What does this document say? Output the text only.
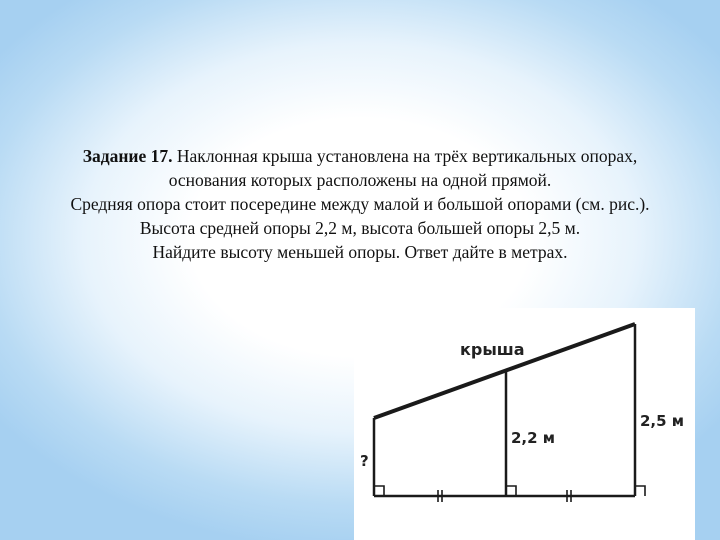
Задание 17. Наклонная крыша установлена на трёх вертикальных опорах,
основания которых расположены на одной прямой.
Средняя опора стоит посередине между малой и большой опорами (см. рис.).
Высота средней опоры 2,2 м, высота большей опоры 2,5 м.
Найдите высоту меньшей опоры. Ответ дайте в метрах.
крыша
2,2 м
2,5 м
?
